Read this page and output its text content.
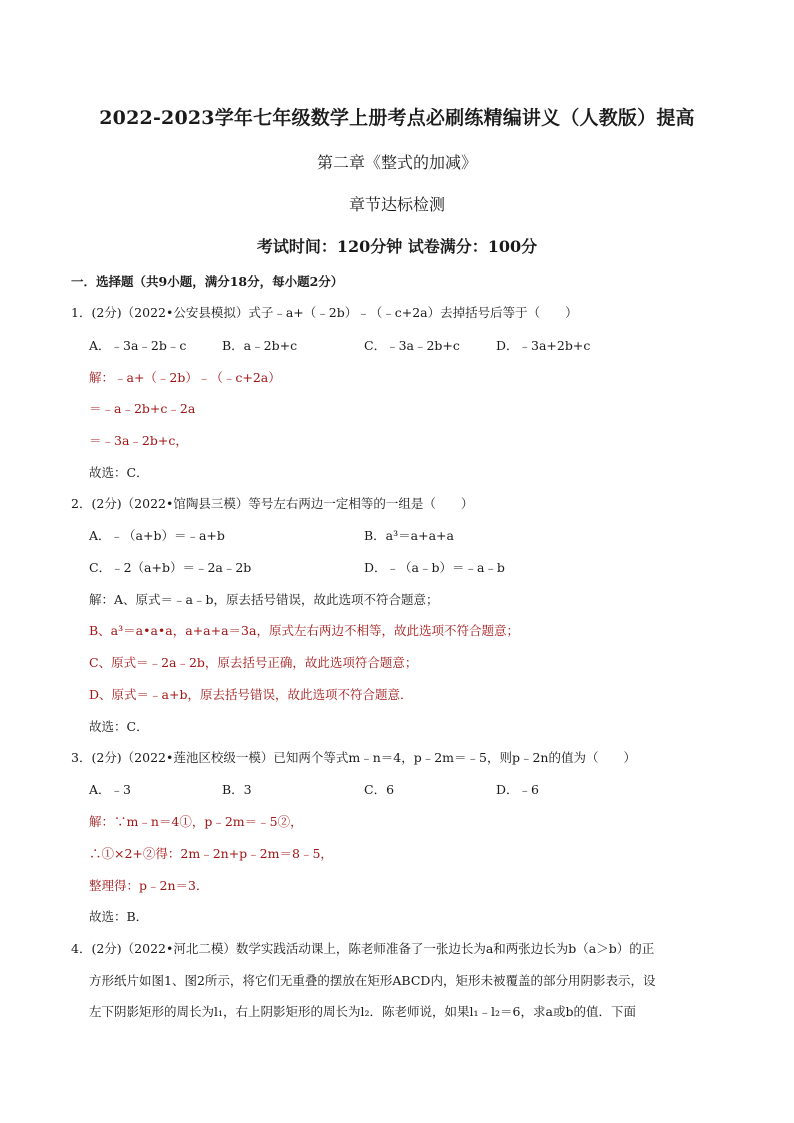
2022-2023学年七年级数学上册考点必刷练精编讲义（人教版）提高
第二章《整式的加减》
章节达标检测
考试时间：120分钟 试卷满分：100分
一．选择题（共9小题，满分18分，每小题2分）
1．(2分)（2022•公安县模拟）式子﹣a+（﹣2b）﹣（﹣c+2a）去掉括号后等于（　　）
A．﹣3a﹣2b﹣c	B．a﹣2b+c	C．﹣3a﹣2b+c	D．﹣3a+2b+c
解：﹣a+（﹣2b）﹣（﹣c+2a）
＝﹣a﹣2b+c﹣2a
＝﹣3a﹣2b+c，
故选：C．
2．(2分)（2022•馆陶县三模）等号左右两边一定相等的一组是（　　）
A．﹣（a+b）＝﹣a+b	B．a³＝a+a+a
C．﹣2（a+b）＝﹣2a﹣2b	D．﹣（a﹣b）＝﹣a﹣b
解：A、原式＝﹣a﹣b，原去括号错误，故此选项不符合题意；
B、a³＝a•a•a，a+a+a＝3a，原式左右两边不相等，故此选项不符合题意；
C、原式＝﹣2a﹣2b，原去括号正确，故此选项符合题意；
D、原式＝﹣a+b，原去括号错误，故此选项不符合题意．
故选：C．
3．(2分)（2022•莲池区校级一模）已知两个等式m﹣n＝4，p﹣2m＝﹣5，则p﹣2n的值为（　　）
A．﹣3	B．3	C．6	D．﹣6
解：∵m﹣n＝4①，p﹣2m＝﹣5②，
∴①×2+②得：2m﹣2n+p﹣2m＝8﹣5，
整理得：p﹣2n＝3．
故选：B．
4．(2分)（2022•河北二模）数学实践活动课上，陈老师准备了一张边长为a和两张边长为b（a＞b）的正
方形纸片如图1、图2所示，将它们无重叠的摆放在矩形ABCD内，矩形未被覆盖的部分用阴影表示，设
左下阴影矩形的周长为l₁，右上阴影矩形的周长为l₂．陈老师说，如果l₁﹣l₂＝6，求a或b的值．下面
